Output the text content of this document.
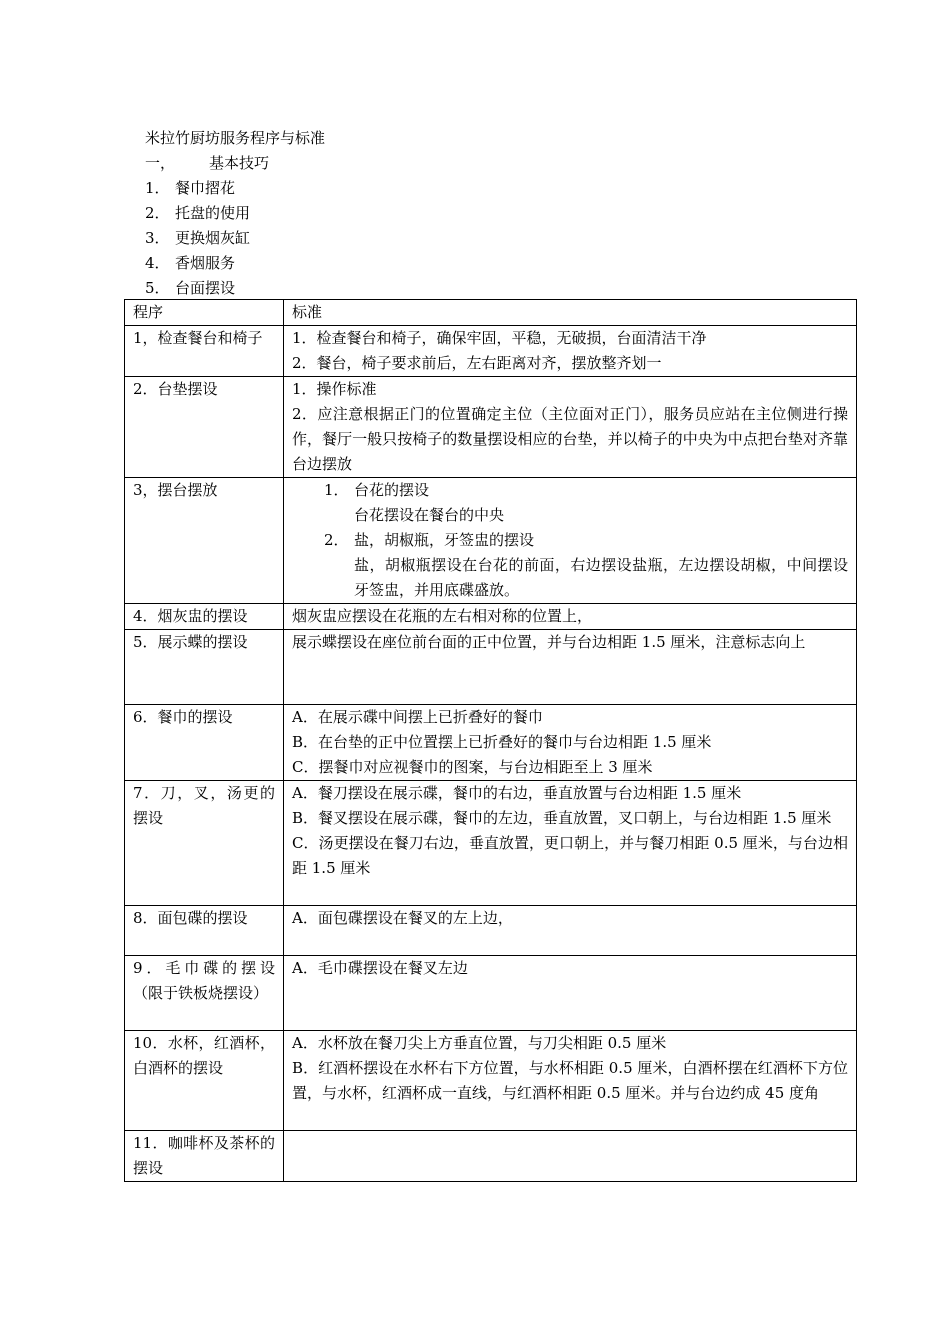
米拉竹厨坊服务程序与标准
一， 基本技巧
1． 餐巾摺花
2． 托盘的使用
3． 更换烟灰缸
4． 香烟服务
5． 台面摆设
程序	标准
1，检查餐台和椅子	1．检查餐台和椅子，确保牢固，平稳，无破损，台面清洁干净
2．餐台，椅子要求前后，左右距离对齐，摆放整齐划一

2．台垫摆设	1．操作标准
2．应注意根据正门的位置确定主位（主位面对正门），服务员应站在主位侧进行操作，餐厅一般只按椅子的数量摆设相应的台垫，并以椅子的中央为中点把台垫对齐靠台边摆放

3，摆台摆放	1． 台花的摆设
台花摆设在餐台的中央
2． 盐，胡椒瓶，牙签盅的摆设
盐，胡椒瓶摆设在台花的前面，右边摆设盐瓶，左边摆设胡椒，中间摆设牙签盅，并用底碟盛放。

4．烟灰盅的摆设	烟灰盅应摆设在花瓶的左右相对称的位置上，

5．展示蝶的摆设	展示蝶摆设在座位前台面的正中位置，并与台边相距 1.5 厘米，注意标志向上

6．餐巾的摆设	A．在展示碟中间摆上已折叠好的餐巾
B．在台垫的正中位置摆上已折叠好的餐巾与台边相距 1.5 厘米
C．摆餐巾对应视餐巾的图案，与台边相距至上 3 厘米

7．刀，叉，汤更的摆设	A．餐刀摆设在展示碟，餐巾的右边，垂直放置与台边相距 1.5 厘米
B．餐叉摆设在展示碟，餐巾的左边，垂直放置，叉口朝上，与台边相距 1.5 厘米
C．汤更摆设在餐刀右边，垂直放置，更口朝上，并与餐刀相距 0.5 厘米，与台边相距 1.5 厘米

8．面包碟的摆设	A．面包碟摆设在餐叉的左上边，

9．毛巾碟的摆设（限于铁板烧摆设）	A．毛巾碟摆设在餐叉左边

10．水杯，红酒杯，白酒杯的摆设	A．水杯放在餐刀尖上方垂直位置，与刀尖相距 0.5 厘米
B．红酒杯摆设在水杯右下方位置，与水杯相距 0.5 厘米，白酒杯摆在红酒杯下方位置，与水杯，红酒杯成一直线，与红酒杯相距 0.5 厘米。并与台边约成 45 度角

11．咖啡杯及茶杯的摆设	
